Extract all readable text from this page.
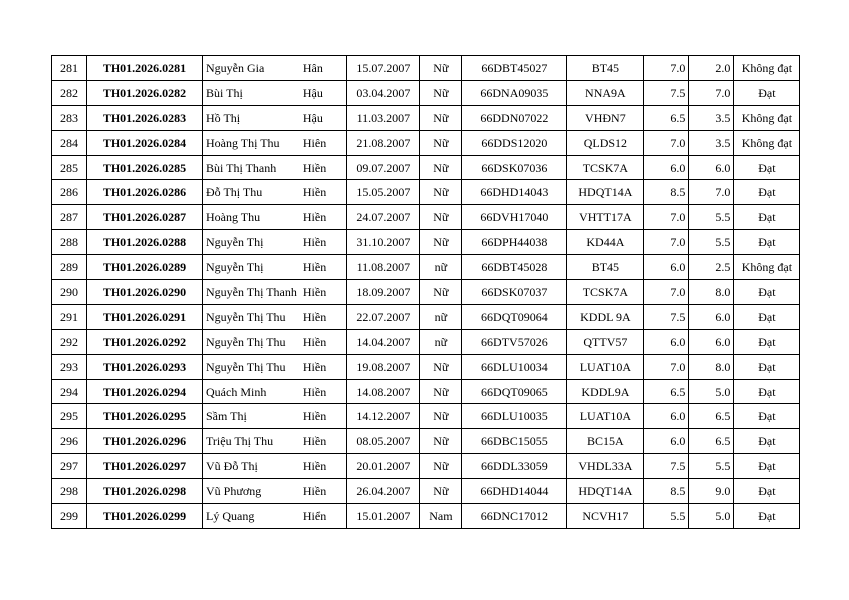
281	TH01.2026.0281	Nguyễn Gia	Hân	15.07.2007	Nữ	66DBT45027	BT45	7.0	2.0	Không đạt
282	TH01.2026.0282	Bùi Thị	Hậu	03.04.2007	Nữ	66DNA09035	NNA9A	7.5	7.0	Đạt
283	TH01.2026.0283	Hồ Thị	Hậu	11.03.2007	Nữ	66DDN07022	VHĐN7	6.5	3.5	Không đạt
284	TH01.2026.0284	Hoàng Thị Thu	Hiên	21.08.2007	Nữ	66DDS12020	QLDS12	7.0	3.5	Không đạt
285	TH01.2026.0285	Bùi Thị Thanh	Hiền	09.07.2007	Nữ	66DSK07036	TCSK7A	6.0	6.0	Đạt
286	TH01.2026.0286	Đỗ Thị Thu	Hiền	15.05.2007	Nữ	66DHD14043	HDQT14A	8.5	7.0	Đạt
287	TH01.2026.0287	Hoàng Thu	Hiền	24.07.2007	Nữ	66DVH17040	VHTT17A	7.0	5.5	Đạt
288	TH01.2026.0288	Nguyễn Thị	Hiền	31.10.2007	Nữ	66DPH44038	KD44A	7.0	5.5	Đạt
289	TH01.2026.0289	Nguyễn Thị	Hiền	11.08.2007	nữ	66DBT45028	BT45	6.0	2.5	Không đạt
290	TH01.2026.0290	Nguyễn Thị Thanh	Hiền	18.09.2007	Nữ	66DSK07037	TCSK7A	7.0	8.0	Đạt
291	TH01.2026.0291	Nguyễn Thị Thu	Hiền	22.07.2007	nữ	66DQT09064	KDDL 9A	7.5	6.0	Đạt
292	TH01.2026.0292	Nguyễn Thị Thu	Hiền	14.04.2007	nữ	66DTV57026	QTTV57	6.0	6.0	Đạt
293	TH01.2026.0293	Nguyễn Thị Thu	Hiền	19.08.2007	Nữ	66DLU10034	LUAT10A	7.0	8.0	Đạt
294	TH01.2026.0294	Quách Minh	Hiền	14.08.2007	Nữ	66DQT09065	KDDL9A	6.5	5.0	Đạt
295	TH01.2026.0295	Sầm Thị	Hiền	14.12.2007	Nữ	66DLU10035	LUAT10A	6.0	6.5	Đạt
296	TH01.2026.0296	Triệu Thị Thu	Hiền	08.05.2007	Nữ	66DBC15055	BC15A	6.0	6.5	Đạt
297	TH01.2026.0297	Vũ Đỗ Thị	Hiền	20.01.2007	Nữ	66DDL33059	VHDL33A	7.5	5.5	Đạt
298	TH01.2026.0298	Vũ Phương	Hiền	26.04.2007	Nữ	66DHD14044	HDQT14A	8.5	9.0	Đạt
299	TH01.2026.0299	Lý Quang	Hiển	15.01.2007	Nam	66DNC17012	NCVH17	5.5	5.0	Đạt
